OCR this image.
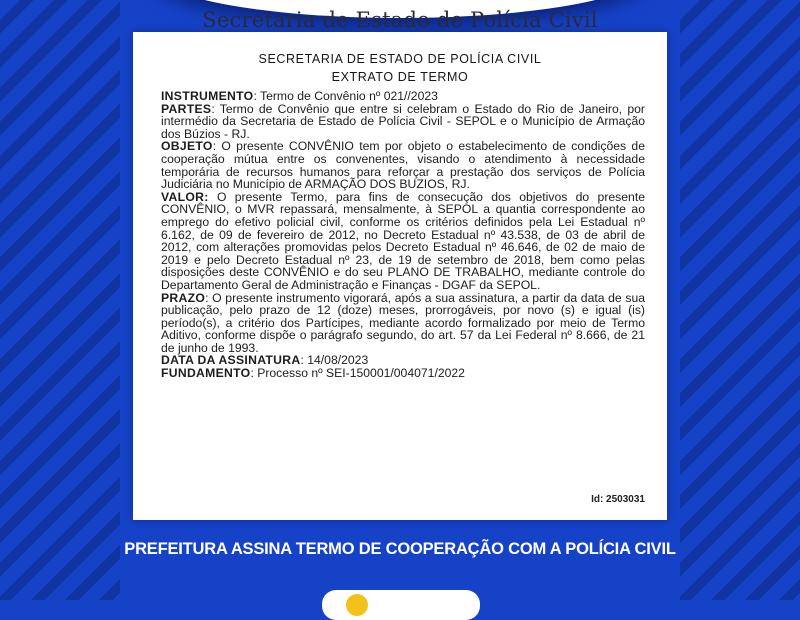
Secretaria de Estado de Polícia Civil
SECRETARIA DE ESTADO DE POLÍCIA CIVIL
EXTRATO DE TERMO

INSTRUMENTO: Termo de Convênio nº 021//2023

PARTES: Termo de Convênio que entre si celebram o Estado do Rio de Janeiro, por intermédio da Secretaria de Estado de Polícia Civil - SEPOL e o Município de Armação dos Búzios - RJ.

OBJETO: O presente CONVÊNIO tem por objeto o estabelecimento de condições de cooperação mútua entre os convenentes, visando o atendimento à necessidade temporária de recursos humanos para reforçar a prestação dos serviços de Polícia Judiciária no Município de ARMAÇÃO DOS BUZIOS, RJ.

VALOR: O presente Termo, para fins de consecução dos objetivos do presente CONVÊNIO, o MVR repassará, mensalmente, à SEPOL a quantia correspondente ao emprego do efetivo policial civil, conforme os critérios definidos pela Lei Estadual nº 6.162, de 09 de fevereiro de 2012, no Decreto Estadual nº 43.538, de 03 de abril de 2012, com alterações promovidas pelos Decreto Estadual nº 46.646, de 02 de maio de 2019 e pelo Decreto Estadual nº 23, de 19 de setembro de 2018, bem como pelas disposições deste CONVÊNIO e do seu PLANO DE TRABALHO, mediante controle do Departamento Geral de Administração e Finanças - DGAF da SEPOL.

PRAZO: O presente instrumento vigorará, após a sua assinatura, a partir da data de sua publicação, pelo prazo de 12 (doze) meses, prorrogáveis, por novo (s) e igual (is) período(s), a critério dos Partícipes, mediante acordo formalizado por meio de Termo Aditivo, conforme dispõe o parágrafo segundo, do art. 57 da Lei Federal nº 8.666, de 21 de junho de 1993.

DATA DA ASSINATURA: 14/08/2023

FUNDAMENTO: Processo nº SEI-150001/004071/2022

Id: 2503031
PREFEITURA ASSINA TERMO DE COOPERAÇÃO COM A POLÍCIA CIVIL
